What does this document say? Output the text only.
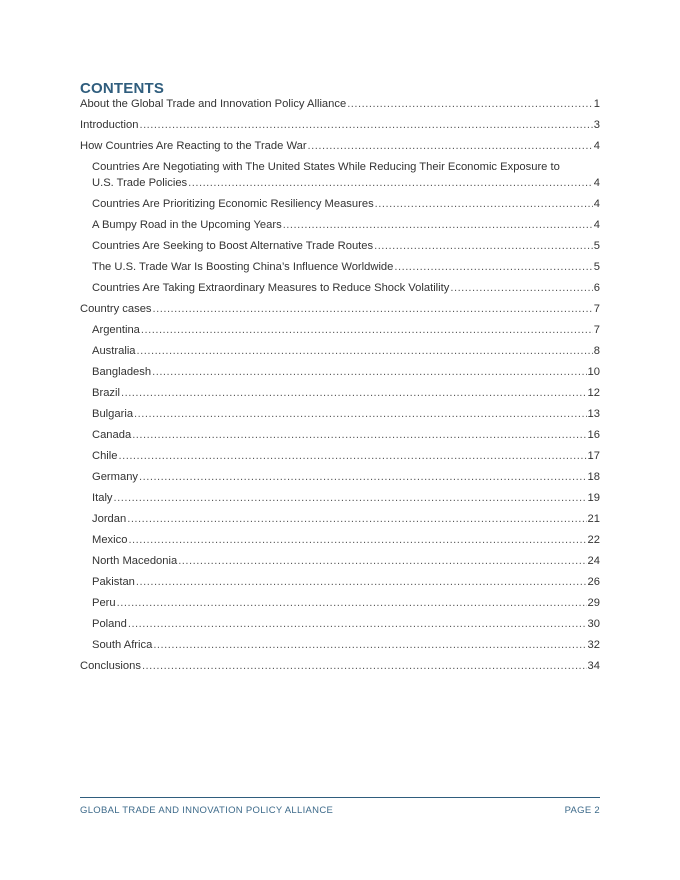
CONTENTS
About the Global Trade and Innovation Policy Alliance .....	1
Introduction .....	3
How Countries Are Reacting to the Trade War .....	4
Countries Are Negotiating with The United States While Reducing Their Economic Exposure to
U.S. Trade Policies .....	4
Countries Are Prioritizing Economic Resiliency Measures .....	4
A Bumpy Road in the Upcoming Years .....	4
Countries Are Seeking to Boost Alternative Trade Routes .....	5
The U.S. Trade War Is Boosting China’s Influence Worldwide .....	5
Countries Are Taking Extraordinary Measures to Reduce Shock Volatility .....	6
Country cases .....	7
Argentina .....	7
Australia .....	8
Bangladesh .....	10
Brazil .....	12
Bulgaria .....	13
Canada .....	16
Chile .....	17
Germany .....	18
Italy .....	19
Jordan .....	21
Mexico .....	22
North Macedonia .....	24
Pakistan .....	26
Peru .....	29
Poland .....	30
South Africa .....	32
Conclusions .....	34
GLOBAL TRADE AND INNOVATION POLICY ALLIANCE	PAGE 2
